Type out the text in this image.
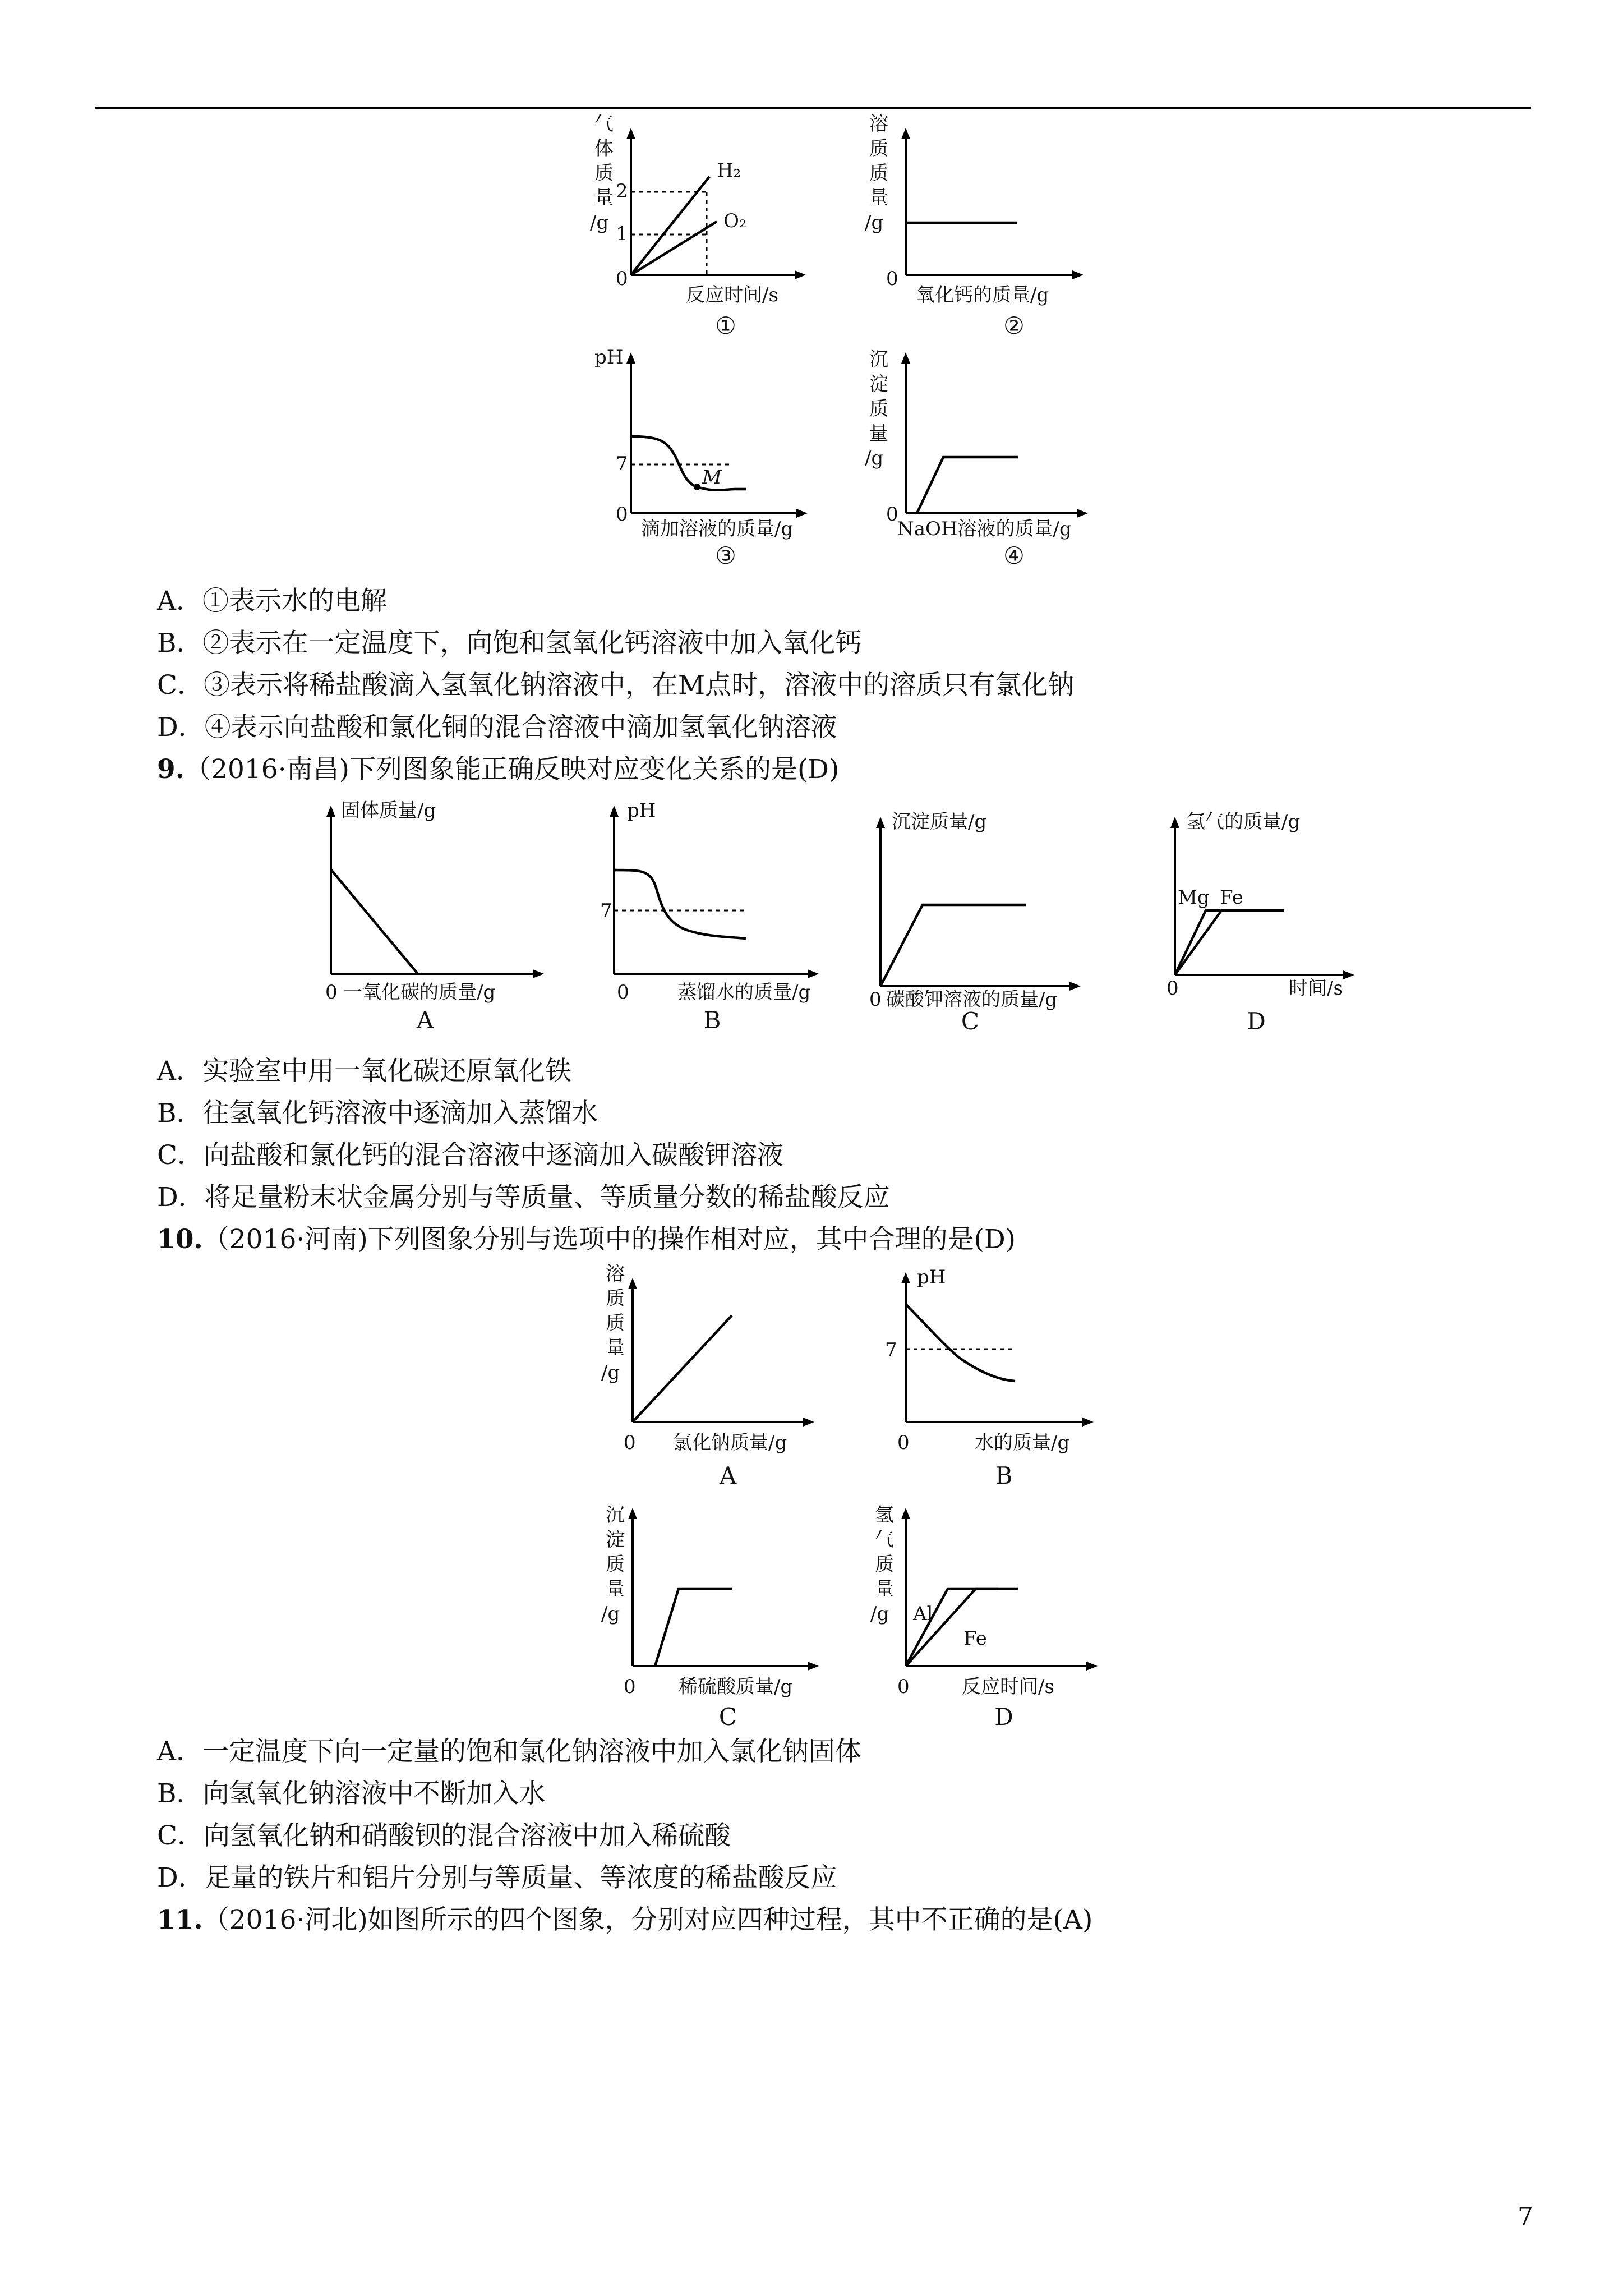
气
体
质
量
/g
2
1
H₂
O₂
0
反应时间/s
①
溶
质
质
量
/g
0
氧化钙的质量/g
②
pH
7
M
0
滴加溶液的质量/g
③
沉
淀
质
量
/g
0
NaOH溶液的质量/g
④
A．①表示水的电解
B．②表示在一定温度下，向饱和氢氧化钙溶液中加入氧化钙
C．③表示将稀盐酸滴入氢氧化钠溶液中，在M点时，溶液中的溶质只有氯化钠
D．④表示向盐酸和氯化铜的混合溶液中滴加氢氧化钠溶液
9.（2016·南昌)下列图象能正确反映对应变化关系的是(D)
固体质量/g
0 一氧化碳的质量/g
A
pH
7
0	蒸馏水的质量/g
B
沉淀质量/g
0 碳酸钾溶液的质量/g
C
氢气的质量/g
Mg Fe
0	时间/s
D
A．实验室中用一氧化碳还原氧化铁
B．往氢氧化钙溶液中逐滴加入蒸馏水
C．向盐酸和氯化钙的混合溶液中逐滴加入碳酸钾溶液
D．将足量粉末状金属分别与等质量、等质量分数的稀盐酸反应
10.（2016·河南)下列图象分别与选项中的操作相对应，其中合理的是(D)
溶
质
质
量
/g
0 氯化钠质量/g
A
pH
7
0	水的质量/g
B
沉
淀
质
量
/g
0 稀硫酸质量/g
C
氢
气
质
量
/g Al
Fe
0	反应时间/s
D
A．一定温度下向一定量的饱和氯化钠溶液中加入氯化钠固体
B．向氢氧化钠溶液中不断加入水
C．向氢氧化钠和硝酸钡的混合溶液中加入稀硫酸
D．足量的铁片和铝片分别与等质量、等浓度的稀盐酸反应
11.（2016·河北)如图所示的四个图象，分别对应四种过程，其中不正确的是(A)
7
